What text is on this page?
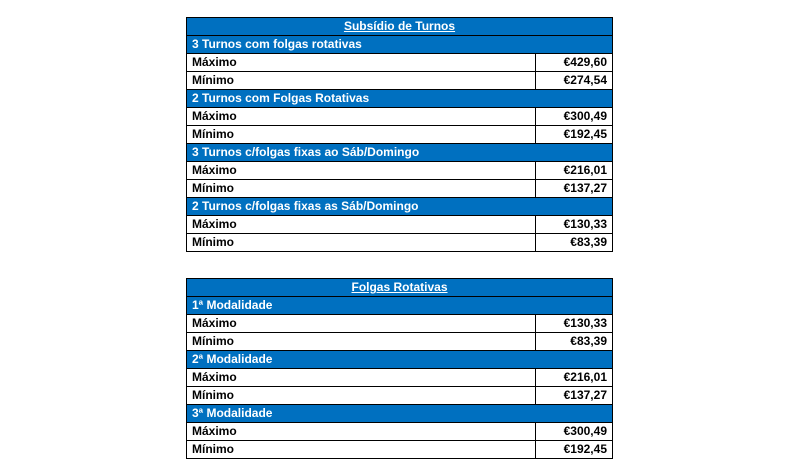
Subsídio de Turnos	
3 Turnos com folgas rotativas	
Máximo	€429,60
Mínimo	€274,54
2 Turnos com Folgas Rotativas	
Máximo	€300,49
Mínimo	€192,45
3 Turnos c/folgas fixas ao Sáb/Domingo	
Máximo	€216,01
Mínimo	€137,27
2 Turnos c/folgas fixas as Sáb/Domingo	
Máximo	€130,33
Mínimo	€83,39
Folgas Rotativas	
1ª Modalidade	
Máximo	€130,33
Mínimo	€83,39
2ª Modalidade	
Máximo	€216,01
Mínimo	€137,27
3ª Modalidade	
Máximo	€300,49
Mínimo	€192,45
